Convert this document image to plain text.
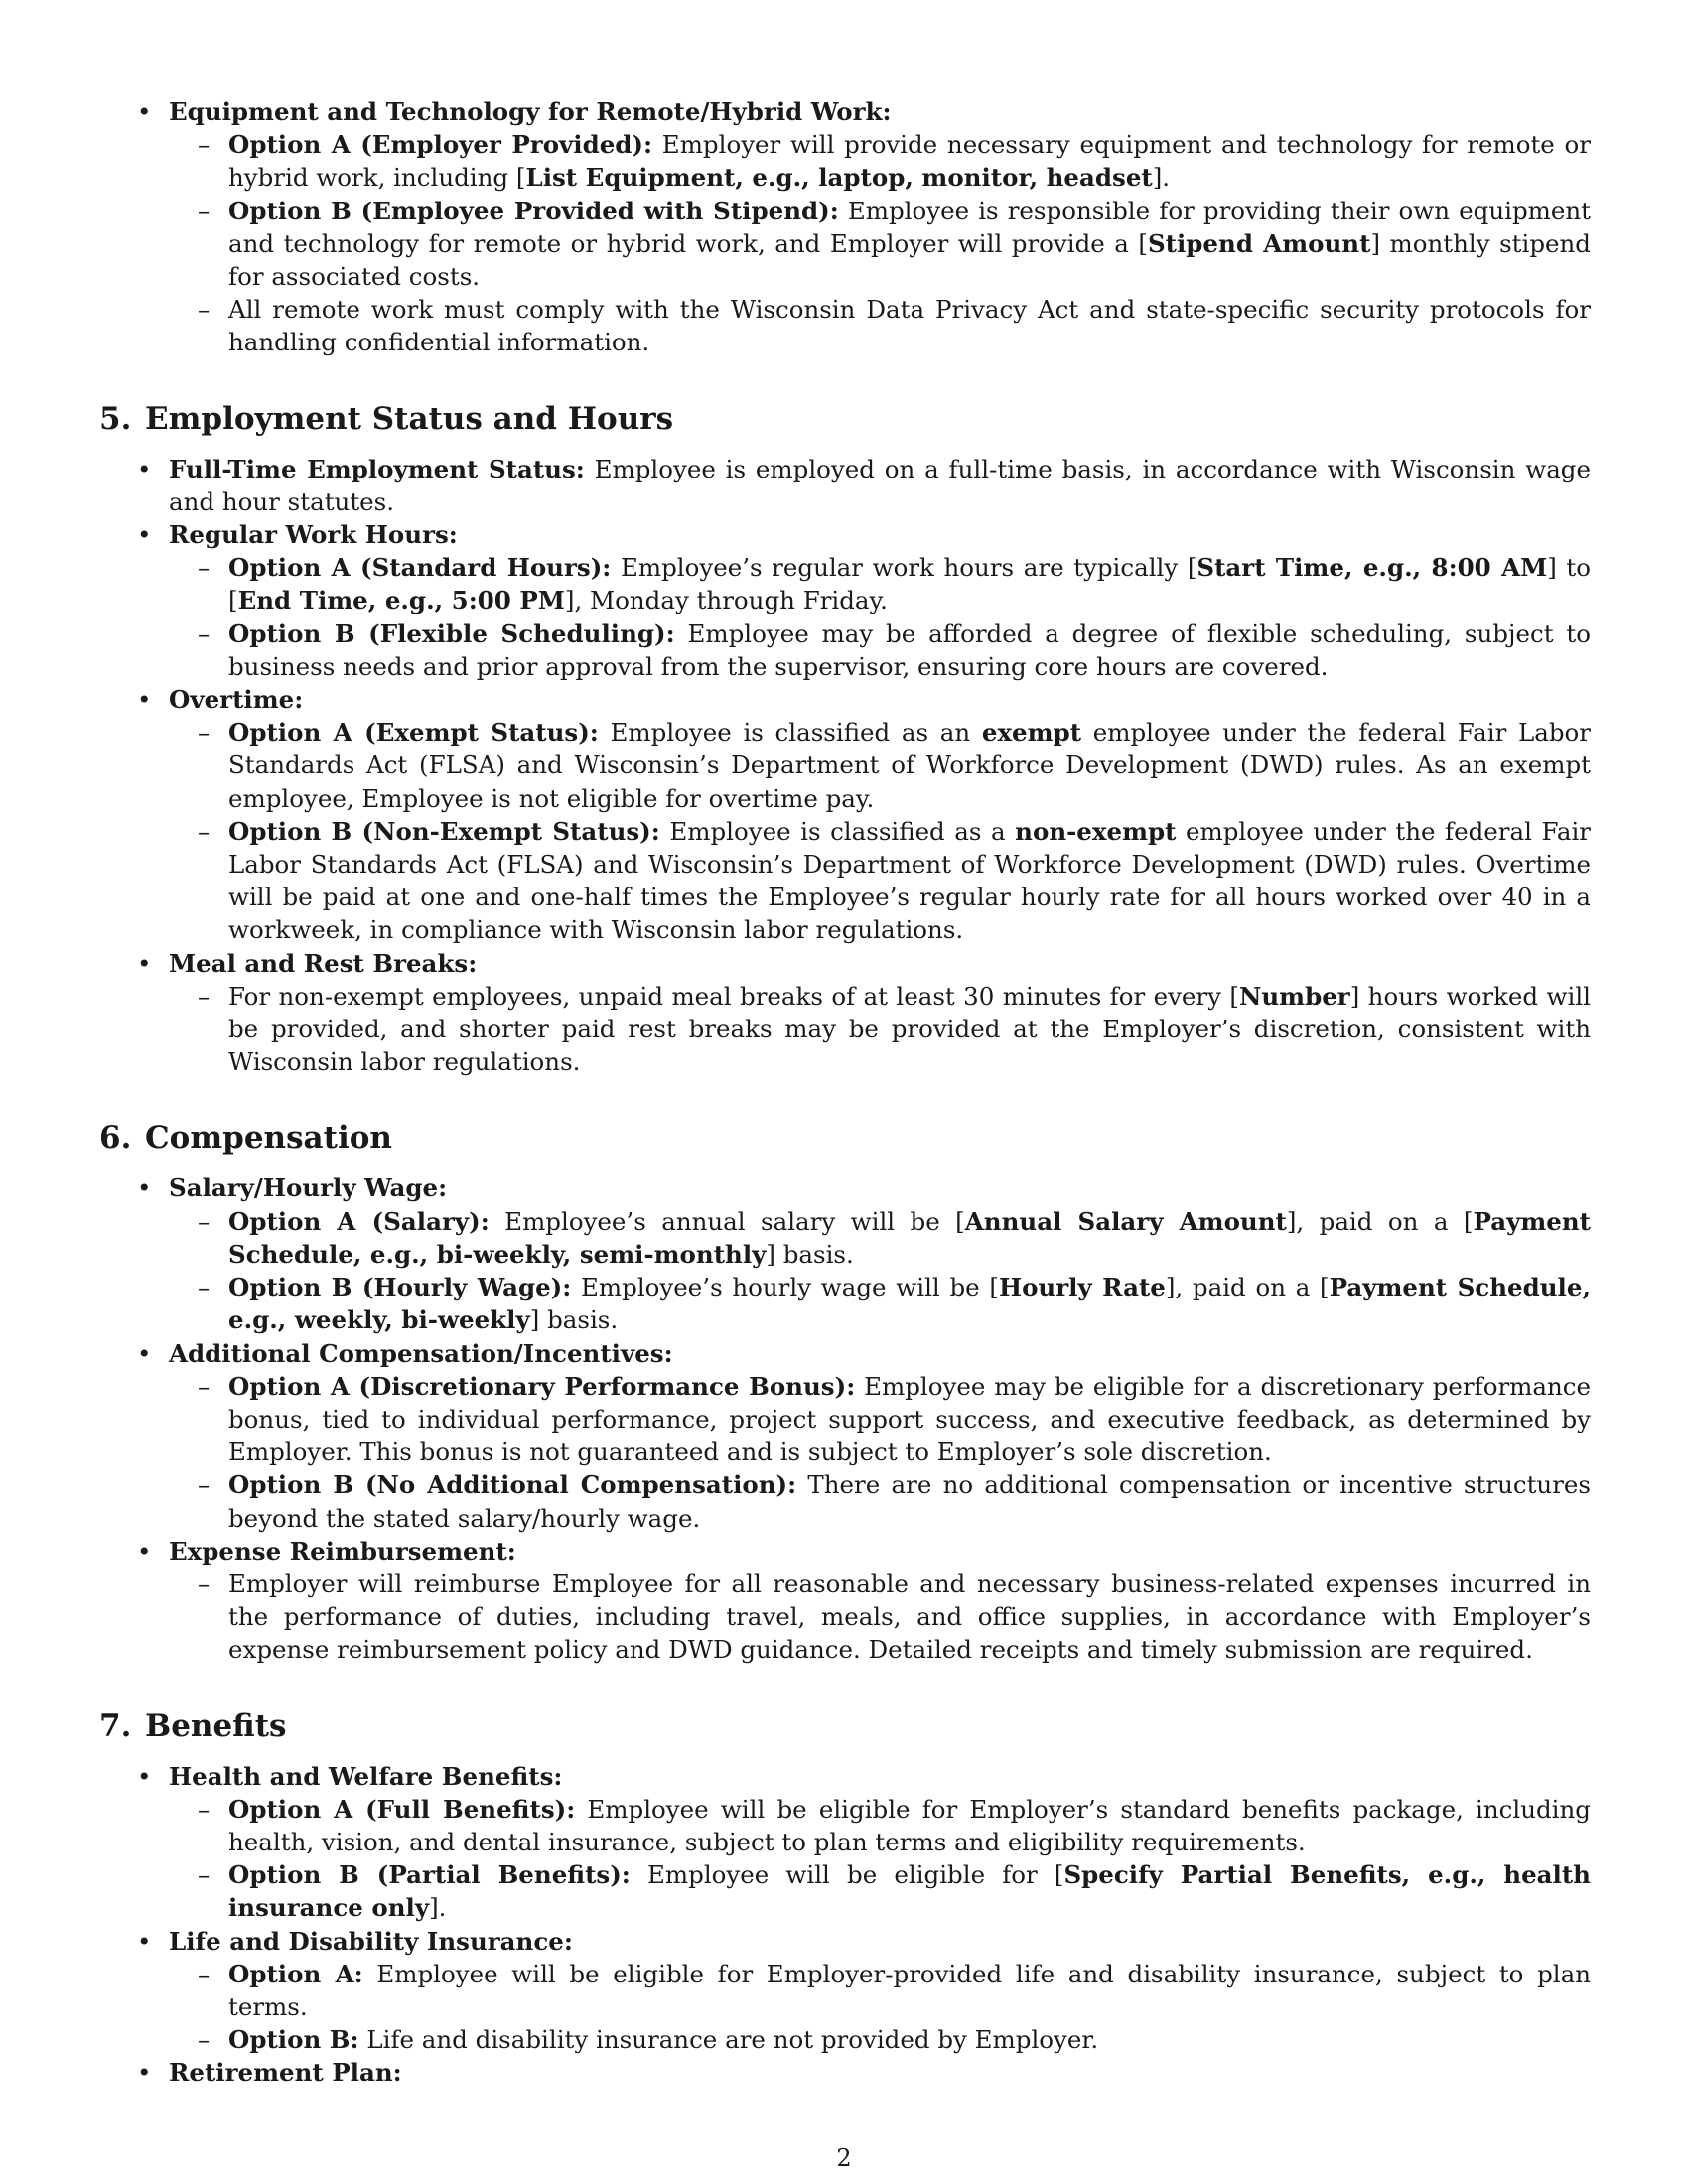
• Equipment and Technology for Remote/Hybrid Work:
– Option A (Employer Provided): Employer will provide necessary equipment and technology for remote or hybrid work, including [List Equipment, e.g., laptop, monitor, headset].
– Option B (Employee Provided with Stipend): Employee is responsible for providing their own equipment and technology for remote or hybrid work, and Employer will provide a [Stipend Amount] monthly stipend for associated costs.
– All remote work must comply with the Wisconsin Data Privacy Act and state-specific security protocols for handling confidential information.
5. Employment Status and Hours
• Full-Time Employment Status: Employee is employed on a full-time basis, in accordance with Wisconsin wage and hour statutes.
• Regular Work Hours:
– Option A (Standard Hours): Employee’s regular work hours are typically [Start Time, e.g., 8:00 AM] to [End Time, e.g., 5:00 PM], Monday through Friday.
– Option B (Flexible Scheduling): Employee may be afforded a degree of flexible scheduling, subject to business needs and prior approval from the supervisor, ensuring core hours are covered.
• Overtime:
– Option A (Exempt Status): Employee is classified as an exempt employee under the federal Fair Labor Standards Act (FLSA) and Wisconsin’s Department of Workforce Development (DWD) rules. As an exempt employee, Employee is not eligible for overtime pay.
– Option B (Non-Exempt Status): Employee is classified as a non-exempt employee under the federal Fair Labor Standards Act (FLSA) and Wisconsin’s Department of Workforce Development (DWD) rules. Overtime will be paid at one and one-half times the Employee’s regular hourly rate for all hours worked over 40 in a workweek, in compliance with Wisconsin labor regulations.
• Meal and Rest Breaks:
– For non-exempt employees, unpaid meal breaks of at least 30 minutes for every [Number] hours worked will be provided, and shorter paid rest breaks may be provided at the Employer’s discretion, consistent with Wisconsin labor regulations.
6. Compensation
• Salary/Hourly Wage:
– Option A (Salary): Employee’s annual salary will be [Annual Salary Amount], paid on a [Payment Schedule, e.g., bi-weekly, semi-monthly] basis.
– Option B (Hourly Wage): Employee’s hourly wage will be [Hourly Rate], paid on a [Payment Schedule, e.g., weekly, bi-weekly] basis.
• Additional Compensation/Incentives:
– Option A (Discretionary Performance Bonus): Employee may be eligible for a discretionary performance bonus, tied to individual performance, project support success, and executive feedback, as determined by Employer. This bonus is not guaranteed and is subject to Employer’s sole discretion.
– Option B (No Additional Compensation): There are no additional compensation or incentive structures beyond the stated salary/hourly wage.
• Expense Reimbursement:
– Employer will reimburse Employee for all reasonable and necessary business-related expenses incurred in the performance of duties, including travel, meals, and office supplies, in accordance with Employer’s expense reimbursement policy and DWD guidance. Detailed receipts and timely submission are required.
7. Benefits
• Health and Welfare Benefits:
– Option A (Full Benefits): Employee will be eligible for Employer’s standard benefits package, including health, vision, and dental insurance, subject to plan terms and eligibility requirements.
– Option B (Partial Benefits): Employee will be eligible for [Specify Partial Benefits, e.g., health insurance only].
• Life and Disability Insurance:
– Option A: Employee will be eligible for Employer-provided life and disability insurance, subject to plan terms.
– Option B: Life and disability insurance are not provided by Employer.
• Retirement Plan:
2
